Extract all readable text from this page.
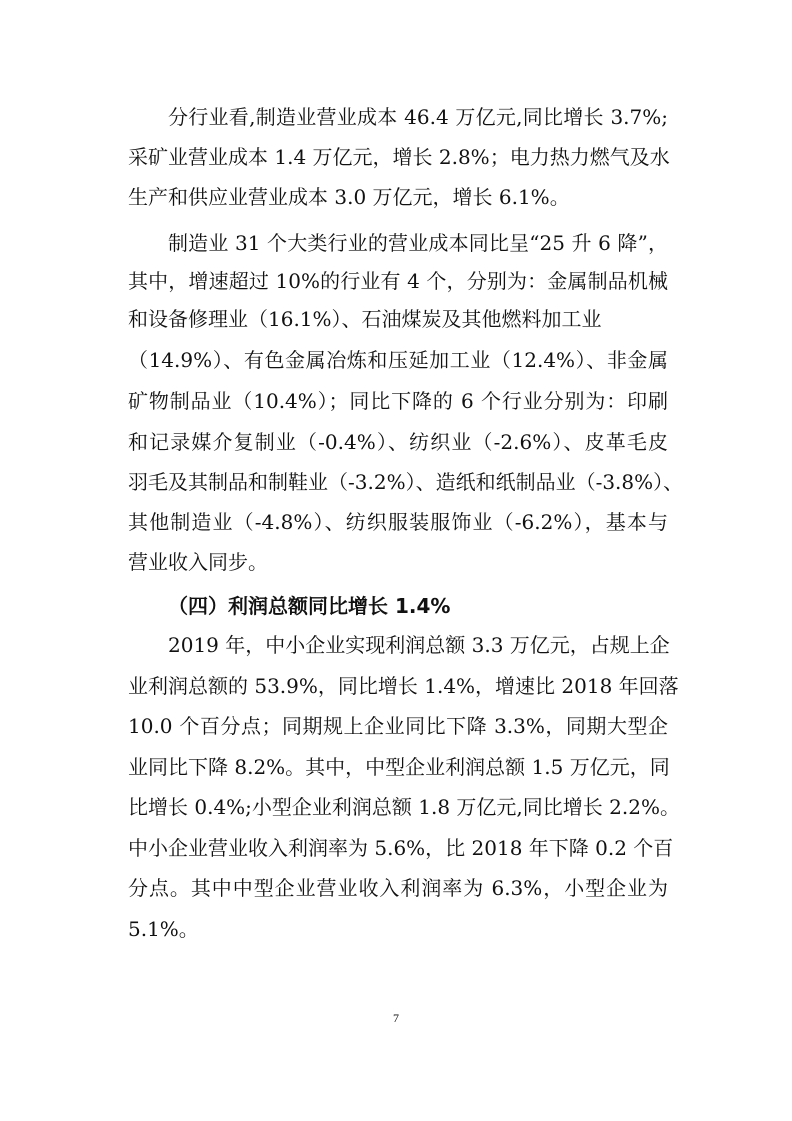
分行业看,制造业营业成本 46.4 万亿元,同比增长 3.7%;
采矿业营业成本 1.4 万亿元，增长 2.8%；电力热力燃气及水
生产和供应业营业成本 3.0 万亿元，增长 6.1%。
制造业 31 个大类行业的营业成本同比呈“25 升 6 降”，
其中，增速超过 10%的行业有 4 个，分别为：金属制品机械
和设备修理业（16.1%）、石油煤炭及其他燃料加工业
（14.9%）、有色金属冶炼和压延加工业（12.4%）、非金属
矿物制品业（10.4%）；同比下降的 6 个行业分别为：印刷
和记录媒介复制业（-0.4%）、纺织业（-2.6%）、皮革毛皮
羽毛及其制品和制鞋业（-3.2%）、造纸和纸制品业（-3.8%）、
其他制造业（-4.8%）、纺织服装服饰业（-6.2%），基本与
营业收入同步。
（四）利润总额同比增长 1.4%
2019 年，中小企业实现利润总额 3.3 万亿元，占规上企
业利润总额的 53.9%，同比增长 1.4%，增速比 2018 年回落
10.0 个百分点；同期规上企业同比下降 3.3%，同期大型企
业同比下降 8.2%。其中，中型企业利润总额 1.5 万亿元，同
比增长 0.4%;小型企业利润总额 1.8 万亿元,同比增长 2.2%。
中小企业营业收入利润率为 5.6%，比 2018 年下降 0.2 个百
分点。其中中型企业营业收入利润率为 6.3%，小型企业为
5.1%。
7
